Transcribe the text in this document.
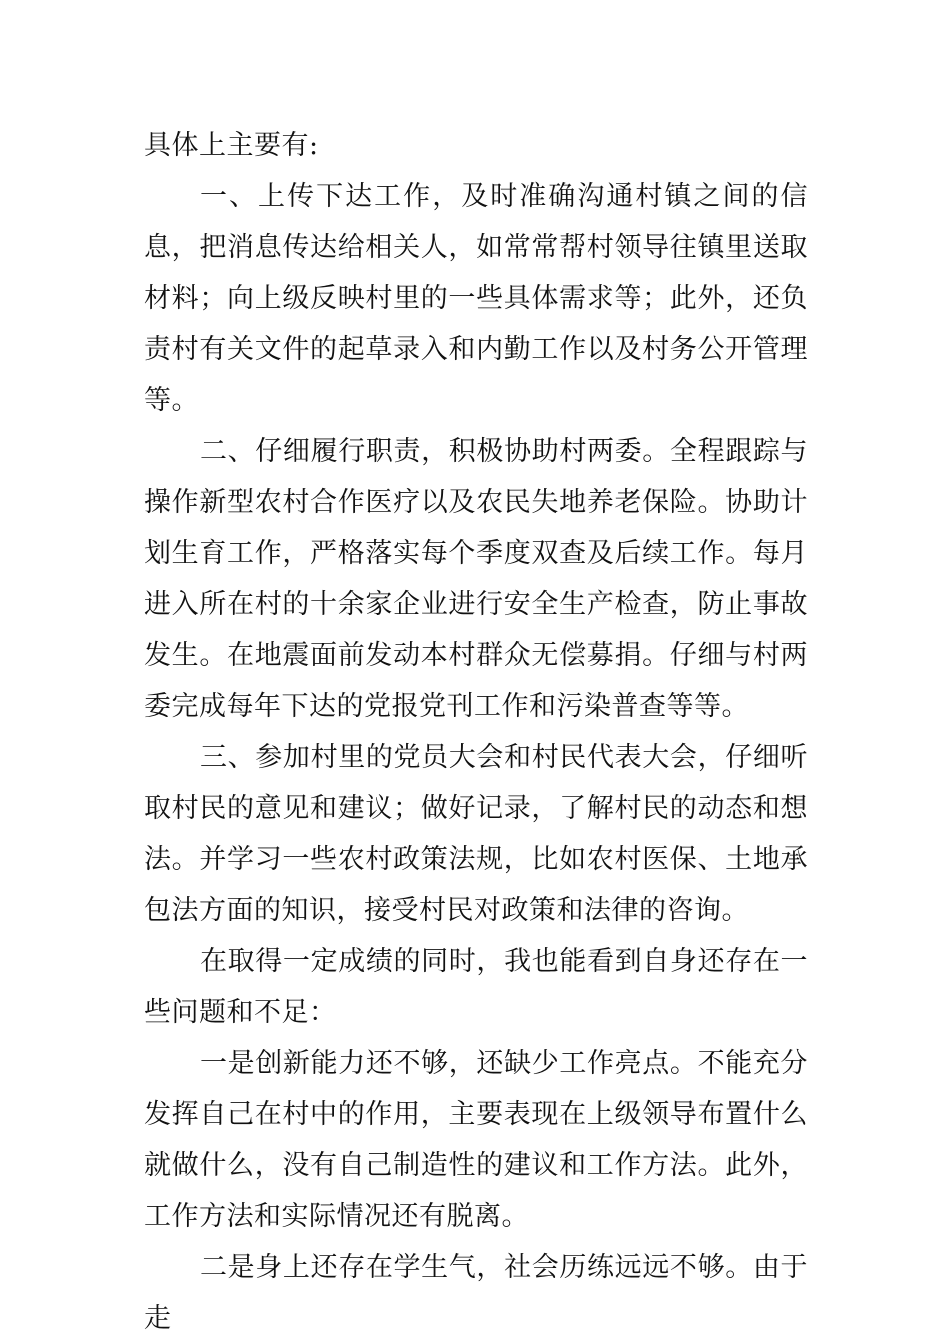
具体上主要有:

一、上传下达工作，及时准确沟通村镇之间的信息，把消息传达给相关人，如常常帮村领导往镇里送取材料；向上级反映村里的一些具体需求等；此外，还负责村有关文件的起草录入和内勤工作以及村务公开管理等。

二、仔细履行职责，积极协助村两委。全程跟踪与操作新型农村合作医疗以及农民失地养老保险。协助计划生育工作，严格落实每个季度双查及后续工作。每月进入所在村的十余家企业进行安全生产检查，防止事故发生。在地震面前发动本村群众无偿募捐。仔细与村两委完成每年下达的党报党刊工作和污染普查等等。

三、参加村里的党员大会和村民代表大会，仔细听取村民的意见和建议；做好记录，了解村民的动态和想法。并学习一些农村政策法规，比如农村医保、土地承包法方面的知识，接受村民对政策和法律的咨询。

在取得一定成绩的同时，我也能看到自身还存在一些问题和不足：

一是创新能力还不够，还缺少工作亮点。不能充分发挥自己在村中的作用，主要表现在上级领导布置什么就做什么，没有自己制造性的建议和工作方法。此外，工作方法和实际情况还有脱离。

二是身上还存在学生气，社会历练远远不够。由于走
